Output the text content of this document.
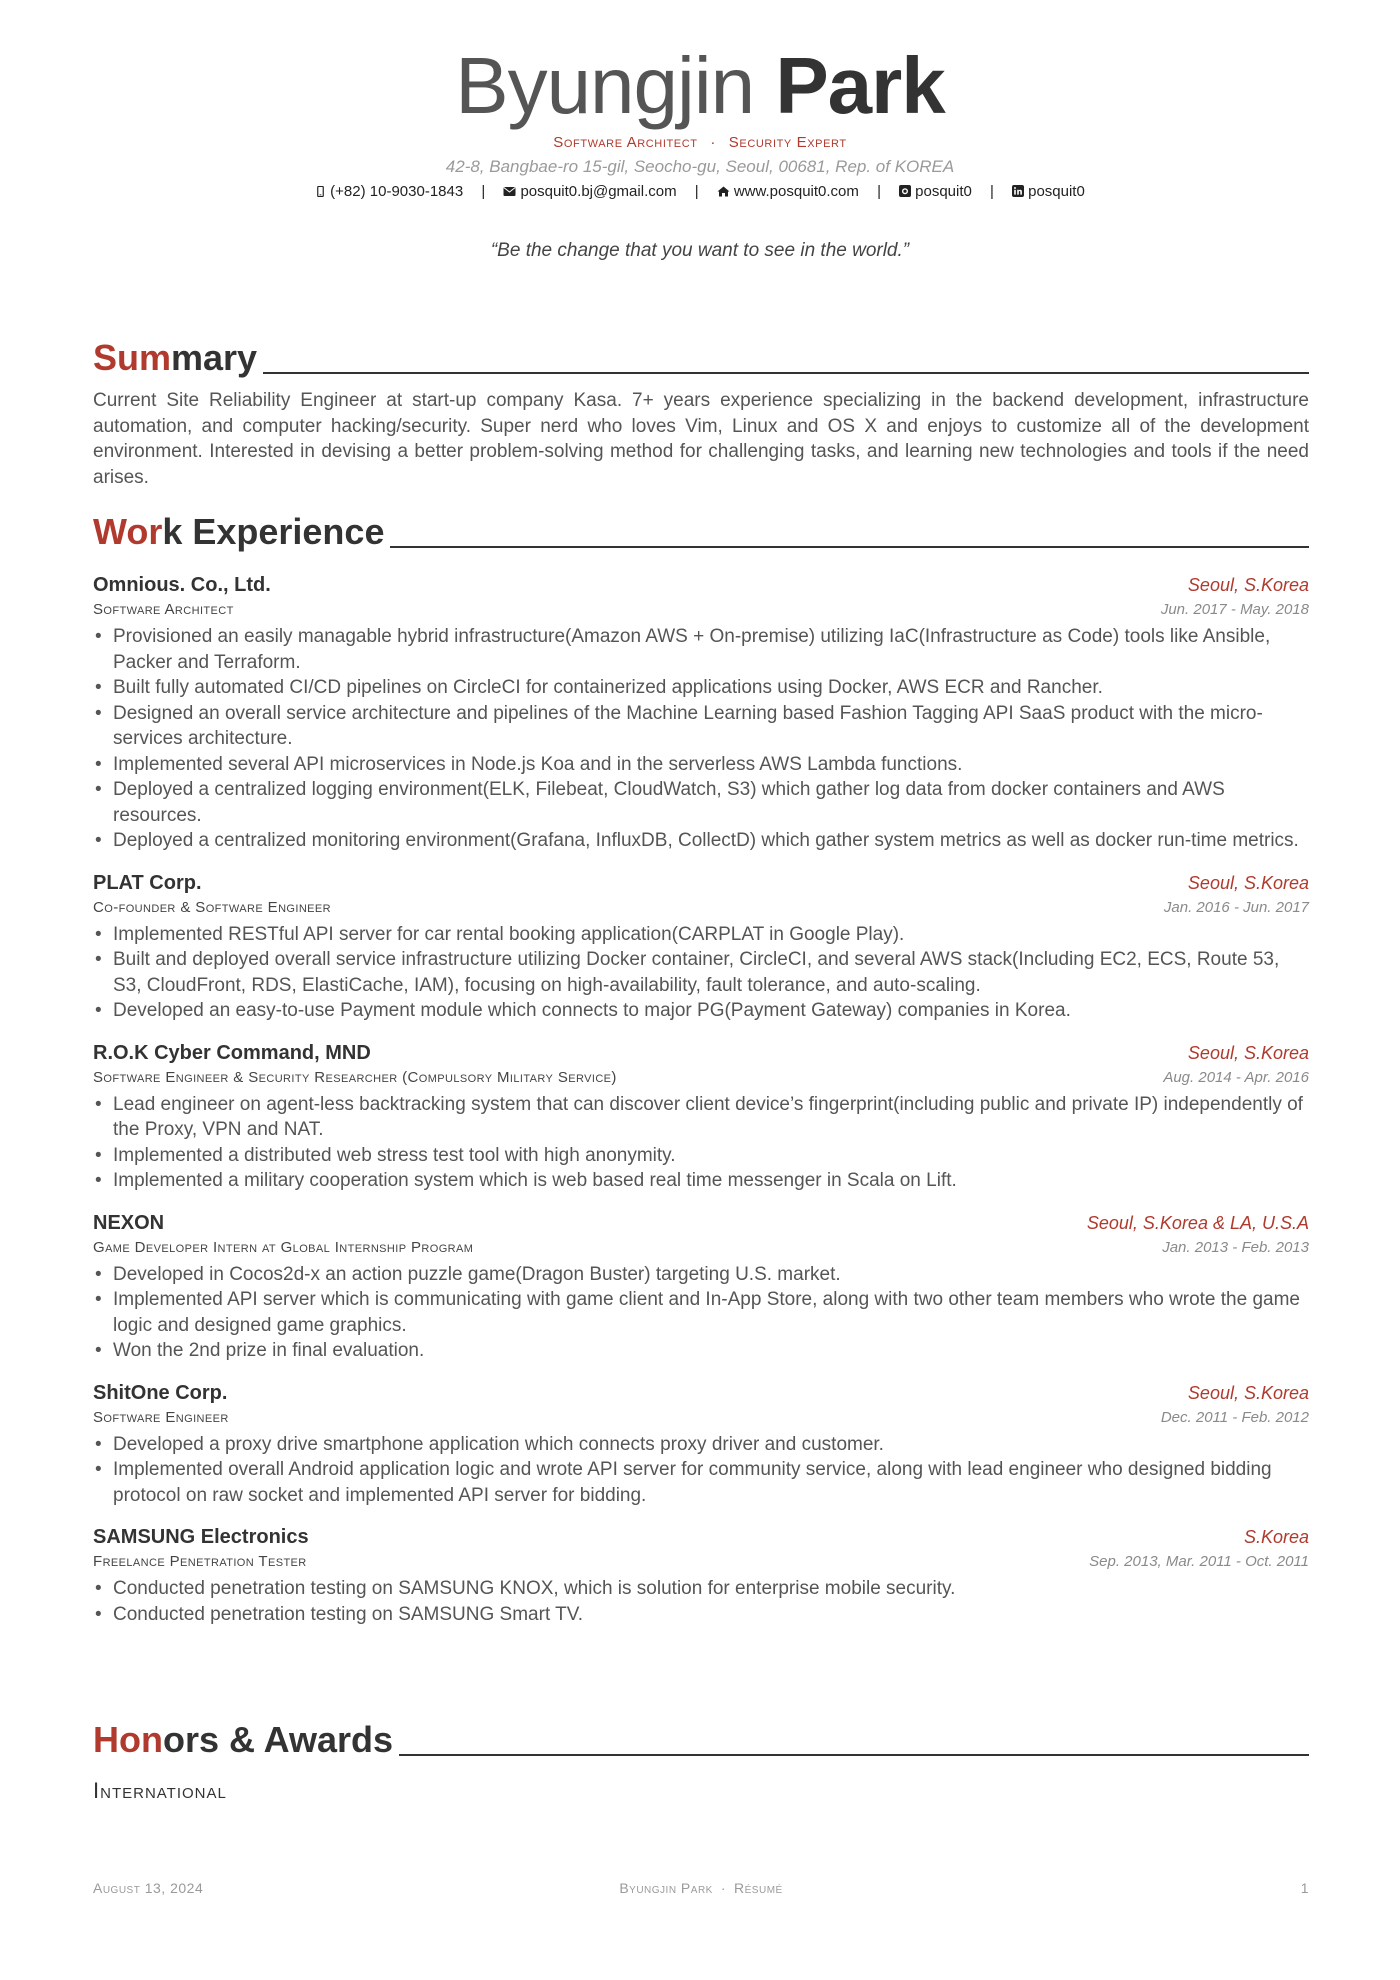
Byungjin Park
Software Architect · Security Expert
42-8, Bangbae-ro 15-gil, Seocho-gu, Seoul, 00681, Rep. of KOREA
(+82) 10-9030-1843 | posquit0.bj@gmail.com | www.posquit0.com | posquit0 | posquit0
“Be the change that you want to see in the world.”
Summary
Current Site Reliability Engineer at start-up company Kasa. 7+ years experience specializing in the backend development, infrastructure automation, and computer hacking/security. Super nerd who loves Vim, Linux and OS X and enjoys to customize all of the development environment. Interested in devising a better problem-solving method for challenging tasks, and learning new technologies and tools if the need arises.
Work Experience
Omnious. Co., Ltd.	Seoul, S.Korea
Software Architect	Jun. 2017 - May. 2018
• Provisioned an easily managable hybrid infrastructure(Amazon AWS + On-premise) utilizing IaC(Infrastructure as Code) tools like Ansible, Packer and Terraform.
• Built fully automated CI/CD pipelines on CircleCI for containerized applications using Docker, AWS ECR and Rancher.
• Designed an overall service architecture and pipelines of the Machine Learning based Fashion Tagging API SaaS product with the micro-services architecture.
• Implemented several API microservices in Node.js Koa and in the serverless AWS Lambda functions.
• Deployed a centralized logging environment(ELK, Filebeat, CloudWatch, S3) which gather log data from docker containers and AWS resources.
• Deployed a centralized monitoring environment(Grafana, InfluxDB, CollectD) which gather system metrics as well as docker run-time metrics.
PLAT Corp.	Seoul, S.Korea
Co-founder & Software Engineer	Jan. 2016 - Jun. 2017
• Implemented RESTful API server for car rental booking application(CARPLAT in Google Play).
• Built and deployed overall service infrastructure utilizing Docker container, CircleCI, and several AWS stack(Including EC2, ECS, Route 53, S3, CloudFront, RDS, ElastiCache, IAM), focusing on high-availability, fault tolerance, and auto-scaling.
• Developed an easy-to-use Payment module which connects to major PG(Payment Gateway) companies in Korea.
R.O.K Cyber Command, MND	Seoul, S.Korea
Software Engineer & Security Researcher (Compulsory Military Service)	Aug. 2014 - Apr. 2016
• Lead engineer on agent-less backtracking system that can discover client device’s fingerprint(including public and private IP) independently of the Proxy, VPN and NAT.
• Implemented a distributed web stress test tool with high anonymity.
• Implemented a military cooperation system which is web based real time messenger in Scala on Lift.
NEXON	Seoul, S.Korea & LA, U.S.A
Game Developer Intern at Global Internship Program	Jan. 2013 - Feb. 2013
• Developed in Cocos2d-x an action puzzle game(Dragon Buster) targeting U.S. market.
• Implemented API server which is communicating with game client and In-App Store, along with two other team members who wrote the game logic and designed game graphics.
• Won the 2nd prize in final evaluation.
ShitOne Corp.	Seoul, S.Korea
Software Engineer	Dec. 2011 - Feb. 2012
• Developed a proxy drive smartphone application which connects proxy driver and customer.
• Implemented overall Android application logic and wrote API server for community service, along with lead engineer who designed bidding protocol on raw socket and implemented API server for bidding.
SAMSUNG Electronics	S.Korea
Freelance Penetration Tester	Sep. 2013, Mar. 2011 - Oct. 2011
• Conducted penetration testing on SAMSUNG KNOX, which is solution for enterprise mobile security.
• Conducted penetration testing on SAMSUNG Smart TV.
Honors & Awards
International
August 13, 2024	Byungjin Park · Résumé	1
